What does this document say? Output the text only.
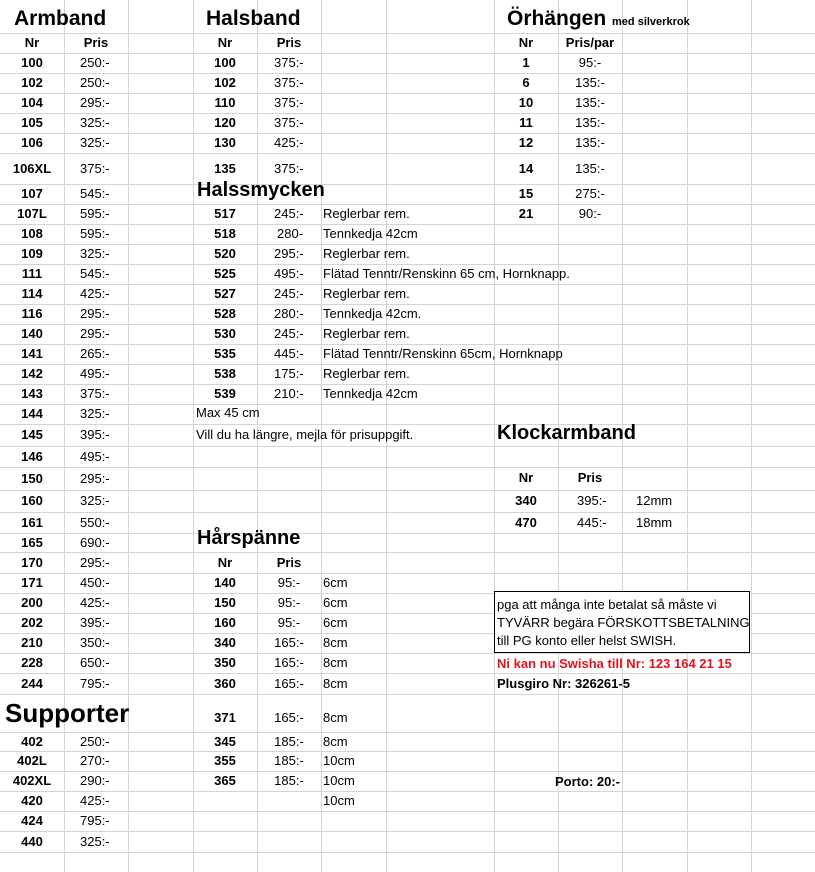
Armband
Nr	Pris
100	250:-
102	250:-
104	295:-
105	325:-
106	325:-
106XL	375:-
107	545:-
107L	595:-
108	595:-
109	325:-
111	545:-
114	425:-
116	295:-
140	295:-
141	265:-
142	495:-
143	375:-
144	325:-
145	395:-
146	495:-
150	295:-
160	325:-
161	550:-
165	690:-
170	295:-
171	450:-
200	425:-
202	395:-
210	350:-
228	650:-
244	795:-
Supporter
402	250:-
402L	270:-
402XL	290:-
420	425:-
424	795:-
440	325:-
Halsband
Nr	Pris
100	375:-
102	375:-
110	375:-
120	375:-
130	425:-
135	375:-
Halssmycken
517	245:- Reglerbar rem.
518	280- Tennkedja 42cm
520	295:- Reglerbar rem.
525	495:- Flätad Tenntr/Renskinn 65 cm, Hornknapp.
527	245:- Reglerbar rem.
528	280:- Tennkedja 42cm.
530	245:- Reglerbar rem.
535	445:- Flätad Tenntr/Renskinn 65cm, Hornknapp
538	175:- Reglerbar rem.
539	210:- Tennkedja 42cm
Max 45 cm
Vill du ha längre, mejla för prisuppgift.
Hårspänne
Nr	Pris
140	95:-	6cm
150	95:-	6cm
160	95:-	6cm
340	165:-	8cm
350	165:-	8cm
360	165:-	8cm
371	165:-	8cm
345	185:-	8cm
355	185:-	10cm
365	185:-	10cm
10cm
Örhängen med silverkrok
Nr	Pris/par
1	95:-
6	135:-
10	135:-
11	135:-
12	135:-
14	135:-
15	275:-
21	90:-
Klockarmband
Nr	Pris
340	395:- 12mm
470	445:- 18mm
pga att många inte betalat så måste vi
TYVÄRR begära FÖRSKOTTSBETALNING
till PG konto eller helst SWISH.
Ni kan nu Swisha till Nr: 123 164 21 15
Plusgiro Nr: 326261-5
Porto: 20:-
